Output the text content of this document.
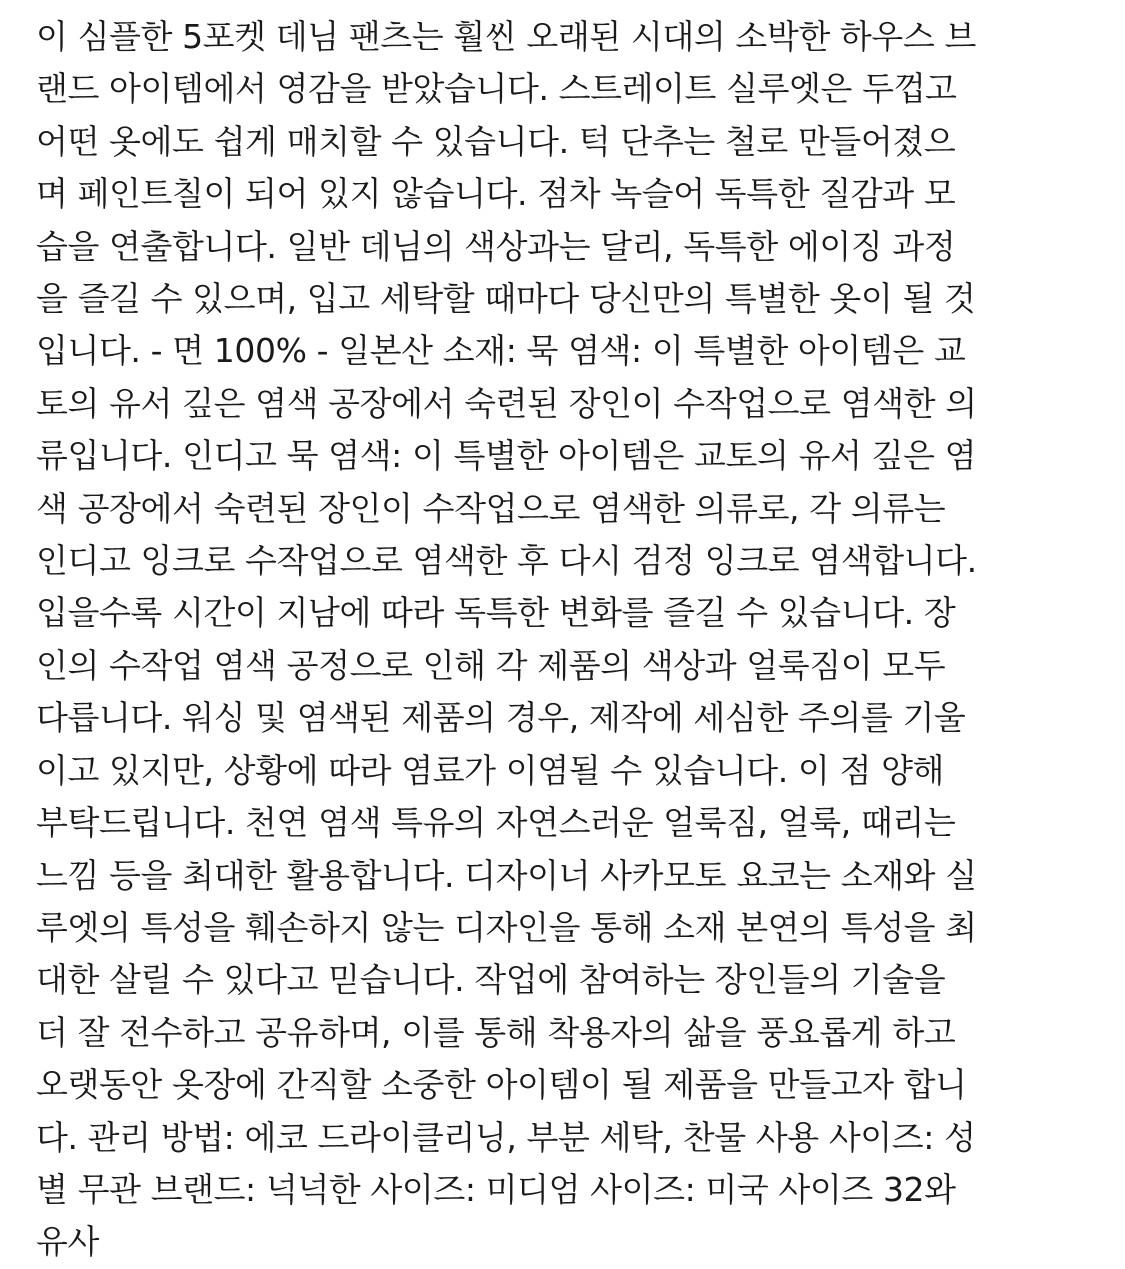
이 심플한 5포켓 데님 팬츠는 훨씬 오래된 시대의 소박한 하우스 브
랜드 아이템에서 영감을 받았습니다. 스트레이트 실루엣은 두껍고
어떤 옷에도 쉽게 매치할 수 있습니다. 턱 단추는 철로 만들어졌으
며 페인트칠이 되어 있지 않습니다. 점차 녹슬어 독특한 질감과 모
습을 연출합니다. 일반 데님의 색상과는 달리, 독특한 에이징 과정
을 즐길 수 있으며, 입고 세탁할 때마다 당신만의 특별한 옷이 될 것
입니다. - 면 100% - 일본산 소재: 묵 염색: 이 특별한 아이템은 교
토의 유서 깊은 염색 공장에서 숙련된 장인이 수작업으로 염색한 의
류입니다. 인디고 묵 염색: 이 특별한 아이템은 교토의 유서 깊은 염
색 공장에서 숙련된 장인이 수작업으로 염색한 의류로, 각 의류는
인디고 잉크로 수작업으로 염색한 후 다시 검정 잉크로 염색합니다.
입을수록 시간이 지남에 따라 독특한 변화를 즐길 수 있습니다. 장
인의 수작업 염색 공정으로 인해 각 제품의 색상과 얼룩짐이 모두
다릅니다. 워싱 및 염색된 제품의 경우, 제작에 세심한 주의를 기울
이고 있지만, 상황에 따라 염료가 이염될 수 있습니다. 이 점 양해
부탁드립니다. 천연 염색 특유의 자연스러운 얼룩짐, 얼룩, 때리는
느낌 등을 최대한 활용합니다. 디자이너 사카모토 요코는 소재와 실
루엣의 특성을 훼손하지 않는 디자인을 통해 소재 본연의 특성을 최
대한 살릴 수 있다고 믿습니다. 작업에 참여하는 장인들의 기술을
더 잘 전수하고 공유하며, 이를 통해 착용자의 삶을 풍요롭게 하고
오랫동안 옷장에 간직할 소중한 아이템이 될 제품을 만들고자 합니
다. 관리 방법: 에코 드라이클리닝, 부분 세탁, 찬물 사용 사이즈: 성
별 무관 브랜드: 넉넉한 사이즈: 미디엄 사이즈: 미국 사이즈 32와
유사
